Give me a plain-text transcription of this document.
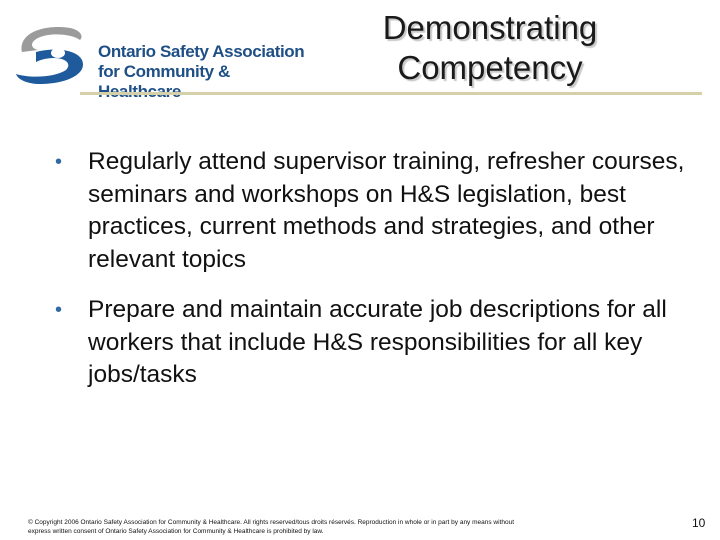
Ontario Safety Association
for Community &
Demonstrating
Competency
• Regularly attend supervisor training, refresher courses, seminars and workshops on H&S legislation, best practices, current methods and strategies, and other relevant topics
• Prepare and maintain accurate job descriptions for all workers that include H&S responsibilities for all key jobs/tasks
© Copyright 2006 Ontario Safety Association for Community & Healthcare. All rights reserved/tous droits réservés. Reproduction in whole or in part by any means without
express written consent of Ontario Safety Association for Community & Healthcare is prohibited by law.
10
